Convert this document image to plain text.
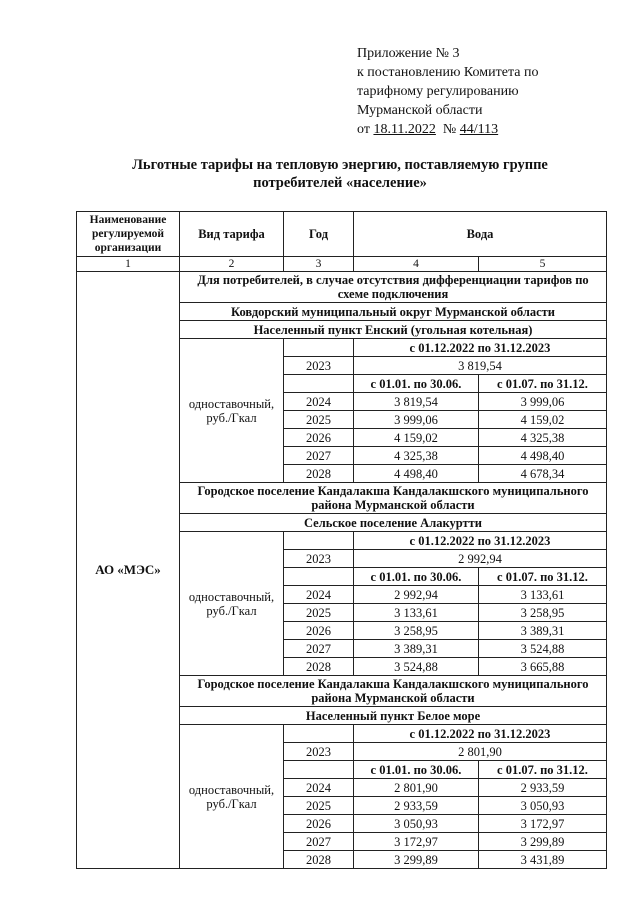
Приложение № 3
к постановлению Комитета по
тарифному регулированию
Мурманской области
от 18.11.2022 № 44/113
Льготные тарифы на тепловую энергию, поставляемую группе
потребителей «население»
Наименование регулируемой организации	Вид тарифа	Год	Вода	
1	2	3	4	5
АО «МЭС»	Для потребителей, в случае отсутствия дифференциации тарифов по схеме подключения			
	Ковдорский муниципальный округ Мурманской области			
	Населенный пункт Енский (угольная котельная)			
	одноставочный, руб./Гкал		с 01.12.2022 по 31.12.2023	
		2023	3 819,54	
			с 01.01. по 30.06.	с 01.07. по 31.12.
		2024	3 819,54	3 999,06
		2025	3 999,06	4 159,02
		2026	4 159,02	4 325,38
		2027	4 325,38	4 498,40
		2028	4 498,40	4 678,34
	Городское поселение Кандалакша Кандалакшского муниципального района Мурманской области			
	Сельское поселение Алакуртти			
	одноставочный, руб./Гкал		с 01.12.2022 по 31.12.2023	
		2023	2 992,94	
			с 01.01. по 30.06.	с 01.07. по 31.12.
		2024	2 992,94	3 133,61
		2025	3 133,61	3 258,95
		2026	3 258,95	3 389,31
		2027	3 389,31	3 524,88
		2028	3 524,88	3 665,88
	Городское поселение Кандалакша Кандалакшского муниципального района Мурманской области			
	Населенный пункт Белое море			
	одноставочный, руб./Гкал		с 01.12.2022 по 31.12.2023	
		2023	2 801,90	
			с 01.01. по 30.06.	с 01.07. по 31.12.
		2024	2 801,90	2 933,59
		2025	2 933,59	3 050,93
		2026	3 050,93	3 172,97
		2027	3 172,97	3 299,89
		2028	3 299,89	3 431,89
